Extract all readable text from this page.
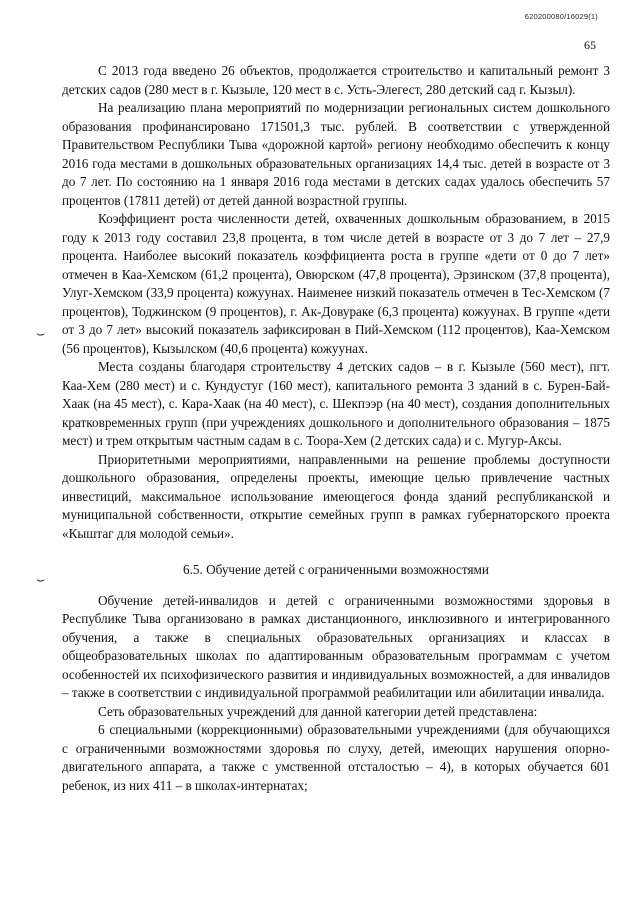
620200080/16029(1)
65
⌣
⌣

С 2013 года введено 26 объектов, продолжается строительство и капитальный ремонт 3 детских садов (280 мест в г. Кызыле, 120 мест в с. Усть-Элегест, 280 детский сад г. Кызыл).

На реализацию плана мероприятий по модернизации региональных систем дошкольного образования профинансировано 171501,3 тыс. рублей. В соответствии с утвержденной Правительством Республики Тыва «дорожной картой» региону необходимо обеспечить к концу 2016 года местами в дошкольных образовательных организациях 14,4 тыс. детей в возрасте от 3 до 7 лет. По состоянию на 1 января 2016 года местами в детских садах удалось обеспечить 57 процентов (17811 детей) от детей данной возрастной группы.

Коэффициент роста численности детей, охваченных дошкольным образованием, в 2015 году к 2013 году составил 23,8 процента, в том числе детей в возрасте от 3 до 7 лет – 27,9 процента. Наиболее высокий показатель коэффициента роста в группе «дети от 0 до 7 лет» отмечен в Каа-Хемском (61,2 процента), Овюрском (47,8 процента), Эрзинском (37,8 процента), Улуг-Хемском (33,9 процента) кожуунах. Наименее низкий показатель отмечен в Тес-Хемском (7 процентов), Тоджинском (9 процентов), г. Ак-Довураке (6,3 процента) кожуунах. В группе «дети от 3 до 7 лет» высокий показатель зафиксирован в Пий-Хемском (112 процентов), Каа-Хемском (56 процентов), Кызылском (40,6 процента) кожуунах.

Места созданы благодаря строительству 4 детских садов – в г. Кызыле (560 мест), пгт. Каа-Хем (280 мест) и с. Кундустуг (160 мест), капитального ремонта 3 зданий в с. Бурен-Бай-Хаак (на 45 мест), с. Кара-Хаак (на 40 мест), с. Шекпээр (на 40 мест), создания дополнительных кратковременных групп (при учреждениях дошкольного и дополнительного образования – 1875 мест) и трем открытым частным садам в с. Тоора-Хем (2 детских сада) и с. Мугур-Аксы.

Приоритетными мероприятиями, направленными на решение проблемы доступности дошкольного образования, определены проекты, имеющие целью привлечение частных инвестиций, максимальное использование имеющегося фонда зданий республиканской и муниципальной собственности, открытие семейных групп в рамках губернаторского проекта «Кыштаг для молодой семьи».

6.5. Обучение детей с ограниченными возможностями

Обучение детей-инвалидов и детей с ограниченными возможностями здоровья в Республике Тыва организовано в рамках дистанционного, инклюзивного и интегрированного обучения, а также в специальных образовательных организациях и классах в общеобразовательных школах по адаптированным образовательным программам с учетом особенностей их психофизического развития и индивидуальных возможностей, а для инвалидов – также в соответствии с индивидуальной программой реабилитации или абилитации инвалида.

Сеть образовательных учреждений для данной категории детей представлена:

6 специальными (коррекционными) образовательными учреждениями (для обучающихся с ограниченными возможностями здоровья по слуху, детей, имеющих нарушения опорно-двигательного аппарата, а также с умственной отсталостью – 4), в которых обучается 601 ребенок, из них 411 – в школах-интернатах;
